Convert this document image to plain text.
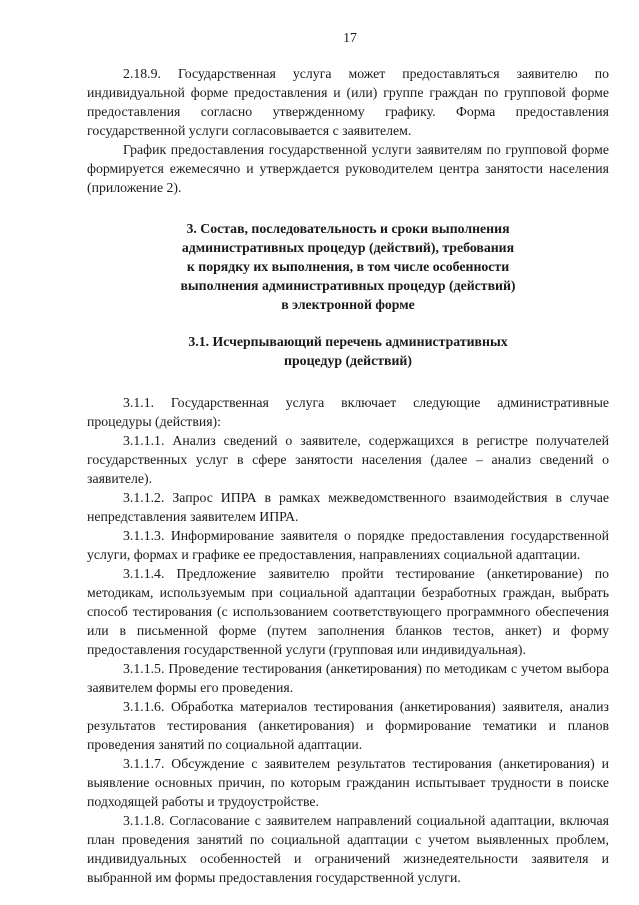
17

2.18.9. Государственная услуга может предоставляться заявителю по индивидуальной форме предоставления и (или) группе граждан по групповой форме предоставления согласно утвержденному графику. Форма предоставления государственной услуги согласовывается с заявителем.

График предоставления государственной услуги заявителям по групповой форме формируется ежемесячно и утверждается руководителем центра занятости населения (приложение 2).

3. Состав, последовательность и сроки выполнения

административных процедур (действий), требования

к порядку их выполнения, в том числе особенности

выполнения административных процедур (действий)

в электронной форме

3.1. Исчерпывающий перечень административных

процедур (действий)

3.1.1. Государственная услуга включает следующие административные процедуры (действия):

3.1.1.1. Анализ сведений о заявителе, содержащихся в регистре получателей государственных услуг в сфере занятости населения (далее – анализ сведений о заявителе).

3.1.1.2. Запрос ИПРА в рамках межведомственного взаимодействия в случае непредставления заявителем ИПРА.

3.1.1.3. Информирование заявителя о порядке предоставления государственной услуги, формах и графике ее предоставления, направлениях социальной адаптации.

3.1.1.4. Предложение заявителю пройти тестирование (анкетирование) по методикам, используемым при социальной адаптации безработных граждан, выбрать способ тестирования (с использованием соответствующего программного обеспечения или в письменной форме (путем заполнения бланков тестов, анкет) и форму предоставления государственной услуги (групповая или индивидуальная).

3.1.1.5. Проведение тестирования (анкетирования) по методикам с учетом выбора заявителем формы его проведения.

3.1.1.6. Обработка материалов тестирования (анкетирования) заявителя, анализ результатов тестирования (анкетирования) и формирование тематики и планов проведения занятий по социальной адаптации.

3.1.1.7. Обсуждение с заявителем результатов тестирования (анкетирования) и выявление основных причин, по которым гражданин испытывает трудности в поиске подходящей работы и трудоустройстве.

3.1.1.8. Согласование с заявителем направлений социальной адаптации, включая план проведения занятий по социальной адаптации с учетом выявленных проблем, индивидуальных особенностей и ограничений жизнедеятельности заявителя и выбранной им формы предоставления государственной услуги.
